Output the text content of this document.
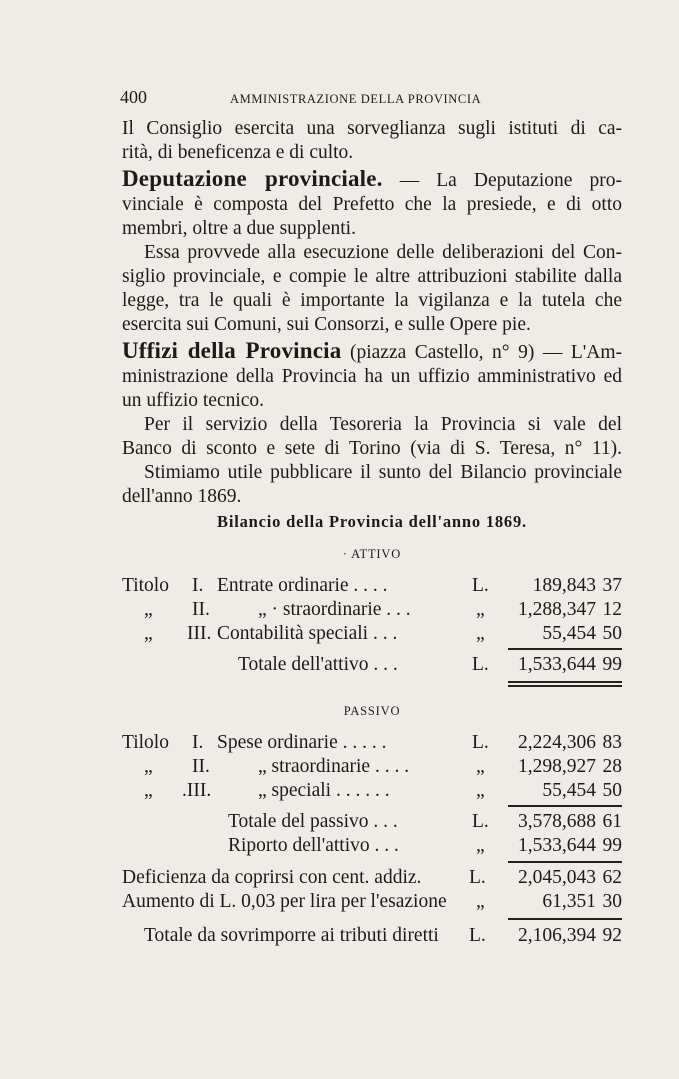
400	AMMINISTRAZIONE DELLA PROVINCIA
Il Consiglio esercita una sorveglianza sugli istituti di ca-
rità, di beneficenza e di culto.
Deputazione provinciale. — La Deputazione pro-
vinciale è composta del Prefetto che la presiede, e di otto
membri, oltre a due supplenti.
Essa provvede alla esecuzione delle deliberazioni del Con-
siglio provinciale, e compie le altre attribuzioni stabilite dalla
legge, tra le quali è importante la vigilanza e la tutela che
esercita sui Comuni, sui Consorzi, e sulle Opere pie.
Uffizi della Provincia (piazza Castello, n° 9) — L'Am-
ministrazione della Provincia ha un uffizio amministrativo ed
un uffizio tecnico.
Per il servizio della Tesoreria la Provincia si vale del
Banco di sconto e sete di Torino (via di S. Teresa, n° 11).
Stimiamo utile pubblicare il sunto del Bilancio provinciale
dell'anno 1869.
Bilancio della Provincia dell'anno 1869.
· ATTIVO
Titolo I. Entrate ordinarie . . . .	L.	189,843 37
„ II. „ · straordinarie . . .	„	1,288,347 12
„ III. Contabilità speciali . . .	„	55,454 50
Totale dell'attivo . . .	L.	1,533,644 99
PASSIVO
Tilolo I. Spese ordinarie . . . . .	L.	2,224,306 83
„ II. „ straordinarie . . . .	„	1,298,927 28
„ .III. „ speciali . . . . . .	„	55,454 50
Totale del passivo . . .	L.	3,578,688 61
Riporto dell'attivo . . .	„	1,533,644 99
Deficienza da coprirsi con cent. addiz. L.	2,045,043 62
Aumento di L. 0,03 per lira per l'esazione „	61,351 30
Totale da sovrimporre ai tributi diretti L.	2,106,394 92
